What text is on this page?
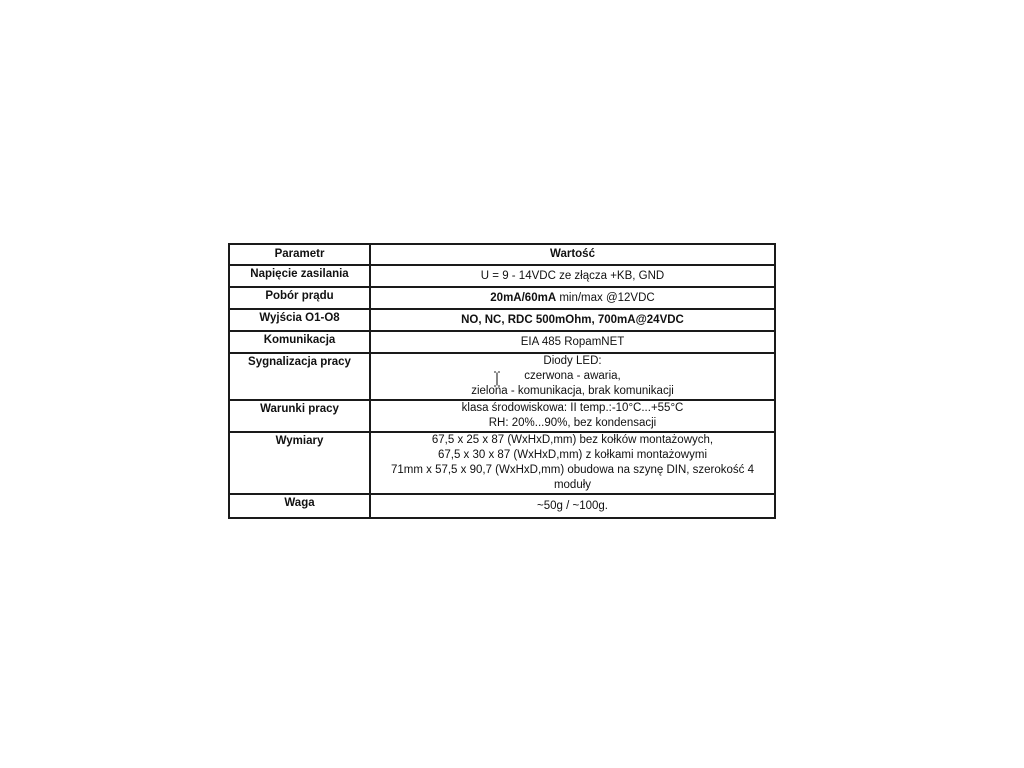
Parametr	Wartość
Napięcie zasilania	U = 9 - 14VDC ze złącza +KB, GND

Pobór prądu	20mA/60mA min/max @12VDC
Wyjścia O1-O8	NO, NC, RDC 500mOhm, 700mA@24VDC

Komunikacja	EIA 485 RopamNET

Sygnalizacja pracy	Diody LED:
czerwona - awaria,
zielona - komunikacja, brak komunikacji

Warunki pracy	klasa środowiskowa: II temp.:-10°C...+55°C
RH: 20%...90%, bez kondensacji

Wymiary	67,5 x 25 x 87 (WxHxD,mm) bez kołków montażowych,
67,5 x 30 x 87 (WxHxD,mm) z kołkami montażowymi
71mm x 57,5 x 90,7 (WxHxD,mm) obudowa na szynę DIN, szerokość 4
moduły

Waga	~50g / ~100g.
